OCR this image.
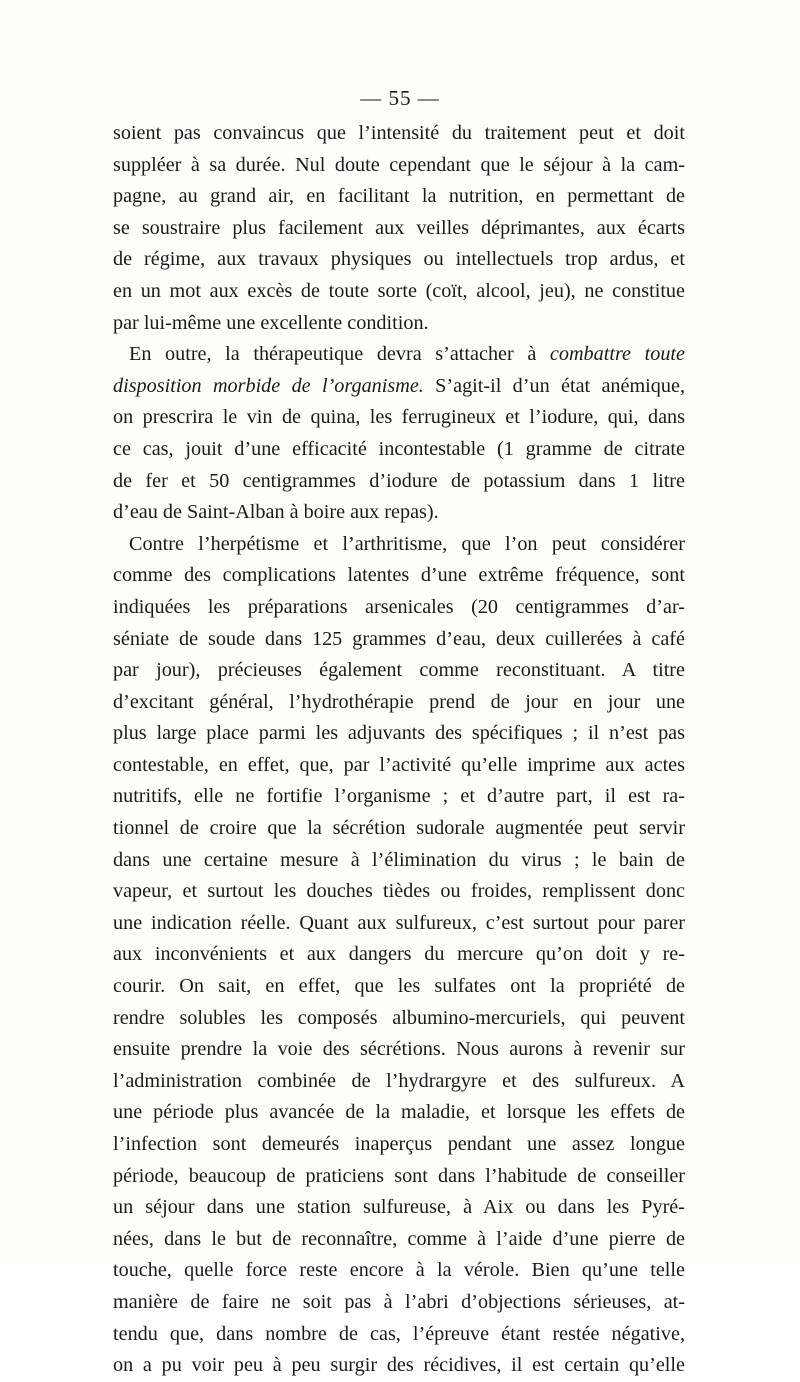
— 55 —
soient pas convaincus que l’intensité du traitement peut et doit
suppléer à sa durée. Nul doute cependant que le séjour à la cam-
pagne, au grand air, en facilitant la nutrition, en permettant de
se soustraire plus facilement aux veilles déprimantes, aux écarts
de régime, aux travaux physiques ou intellectuels trop ardus, et
en un mot aux excès de toute sorte (coït, alcool, jeu), ne constitue
par lui-même une excellente condition.
En outre, la thérapeutique devra s’attacher à combattre toute
disposition morbide de l’organisme. S’agit-il d’un état anémique,
on prescrira le vin de quina, les ferrugineux et l’iodure, qui, dans
ce cas, jouit d’une efficacité incontestable (1 gramme de citrate
de fer et 50 centigrammes d’iodure de potassium dans 1 litre
d’eau de Saint-Alban à boire aux repas).
Contre l’herpétisme et l’arthritisme, que l’on peut considérer
comme des complications latentes d’une extrême fréquence, sont
indiquées les préparations arsenicales (20 centigrammes d’ar-
séniate de soude dans 125 grammes d’eau, deux cuillerées à café
par jour), précieuses également comme reconstituant. A titre
d’excitant général, l’hydrothérapie prend de jour en jour une
plus large place parmi les adjuvants des spécifiques ; il n’est pas
contestable, en effet, que, par l’activité qu’elle imprime aux actes
nutritifs, elle ne fortifie l’organisme ; et d’autre part, il est ra-
tionnel de croire que la sécrétion sudorale augmentée peut servir
dans une certaine mesure à l’élimination du virus ; le bain de
vapeur, et surtout les douches tièdes ou froides, remplissent donc
une indication réelle. Quant aux sulfureux, c’est surtout pour parer
aux inconvénients et aux dangers du mercure qu’on doit y re-
courir. On sait, en effet, que les sulfates ont la propriété de
rendre solubles les composés albumino-mercuriels, qui peuvent
ensuite prendre la voie des sécrétions. Nous aurons à revenir sur
l’administration combinée de l’hydrargyre et des sulfureux. A
une période plus avancée de la maladie, et lorsque les effets de
l’infection sont demeurés inaperçus pendant une assez longue
période, beaucoup de praticiens sont dans l’habitude de conseiller
un séjour dans une station sulfureuse, à Aix ou dans les Pyré-
nées, dans le but de reconnaître, comme à l’aide d’une pierre de
touche, quelle force reste encore à la vérole. Bien qu’une telle
manière de faire ne soit pas à l’abri d’objections sérieuses, at-
tendu que, dans nombre de cas, l’épreuve étant restée négative,
on a pu voir peu à peu surgir des récidives, il est certain qu’elle
